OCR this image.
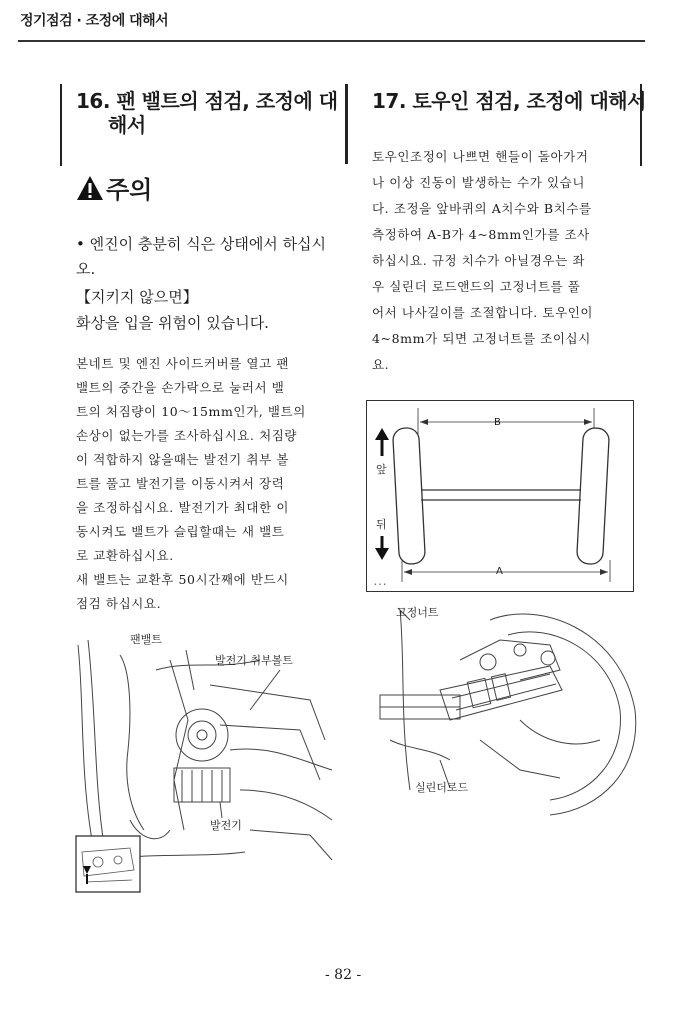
정기점검 · 조정에 대해서
16. 팬 밸트의 점검, 조정에 대
해서
주의
• 엔진이 충분히 식은 상태에서 하십시오.
【지키지 않으면】
화상을 입을 위험이 있습니다.
본네트 및 엔진 사이드커버를 열고 팬
밸트의 중간을 손가락으로 눌러서 밸
트의 처짐량이 10～15mm인가, 밸트의
손상이 없는가를 조사하십시요. 처짐량
이 적합하지 않을때는 발전기 취부 볼
트를 풀고 발전기를 이동시켜서 장력
을 조정하십시요. 발전기가 최대한 이
동시켜도 밸트가 슬립할때는 새 밸트
로 교환하십시요.
새 밸트는 교환후 50시간째에 반드시
점검 하십시요.
팬밸트
발전기 취부볼트
발전기
17. 토우인 점검, 조정에 대해서
토우인조정이 나쁘면 핸들이 돌아가거
나 이상 진동이 발생하는 수가 있습니
다. 조정을 앞바퀴의 A치수와 B치수를
측정하여 A-B가 4~8mm인가를 조사
하십시요. 규정 치수가 아닐경우는 좌
우 실린더 로드앤드의 고정너트를 풀
어서 나사길이를 조절합니다. 토우인이
4~8mm가 되면 고정너트를 조이십시
요.
• • •
B
A
앞
뒤
고정너트
실린더로드
- 82 -
